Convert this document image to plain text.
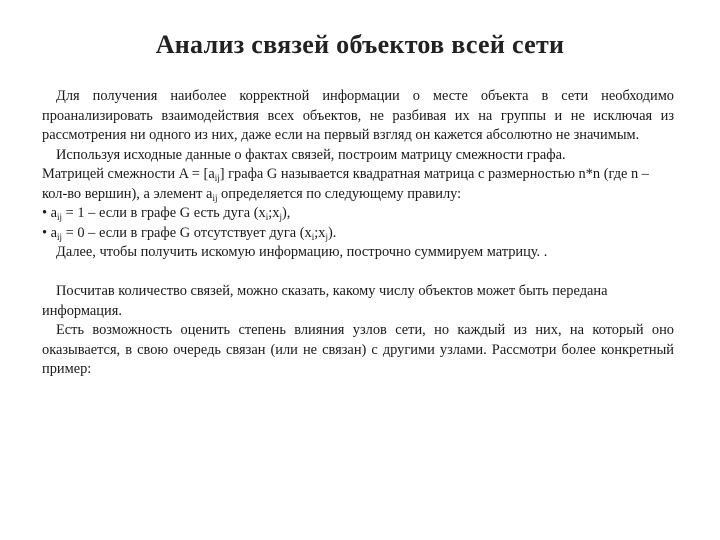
Анализ связей объектов всей сети

Для получения наиболее корректной информации о месте объекта в сети необходимо проанализировать взаимодействия всех объектов, не разбивая их на группы и не исключая из рассмотрения ни одного из них, даже если на первый взгляд он кажется абсолютно не значимым.

Используя исходные данные о фактах связей, построим матрицу смежности графа.

Матрицей смежности $A = [a_{ij}]$ графа G называется квадратная матрица с размерностью n*n (где n – кол-во вершин), а элемент $a_{ij}$ определяется по следующему правилу:

• $a_{ij} = 1$ – если в графе G есть дуга $(x_i;x_j)$,

• $a_{ij} = 0$ – если в графе G отсутствует дуга $(x_i;x_j)$.

Далее, чтобы получить искомую информацию, построчно суммируем матрицу. .

Посчитав количество связей, можно сказать, какому числу объектов может быть передана информация.

Есть возможность оценить степень влияния узлов сети, но каждый из них, на который оно оказывается, в свою очередь связан (или не связан) с другими узлами. Рассмотри более конкретный пример:
